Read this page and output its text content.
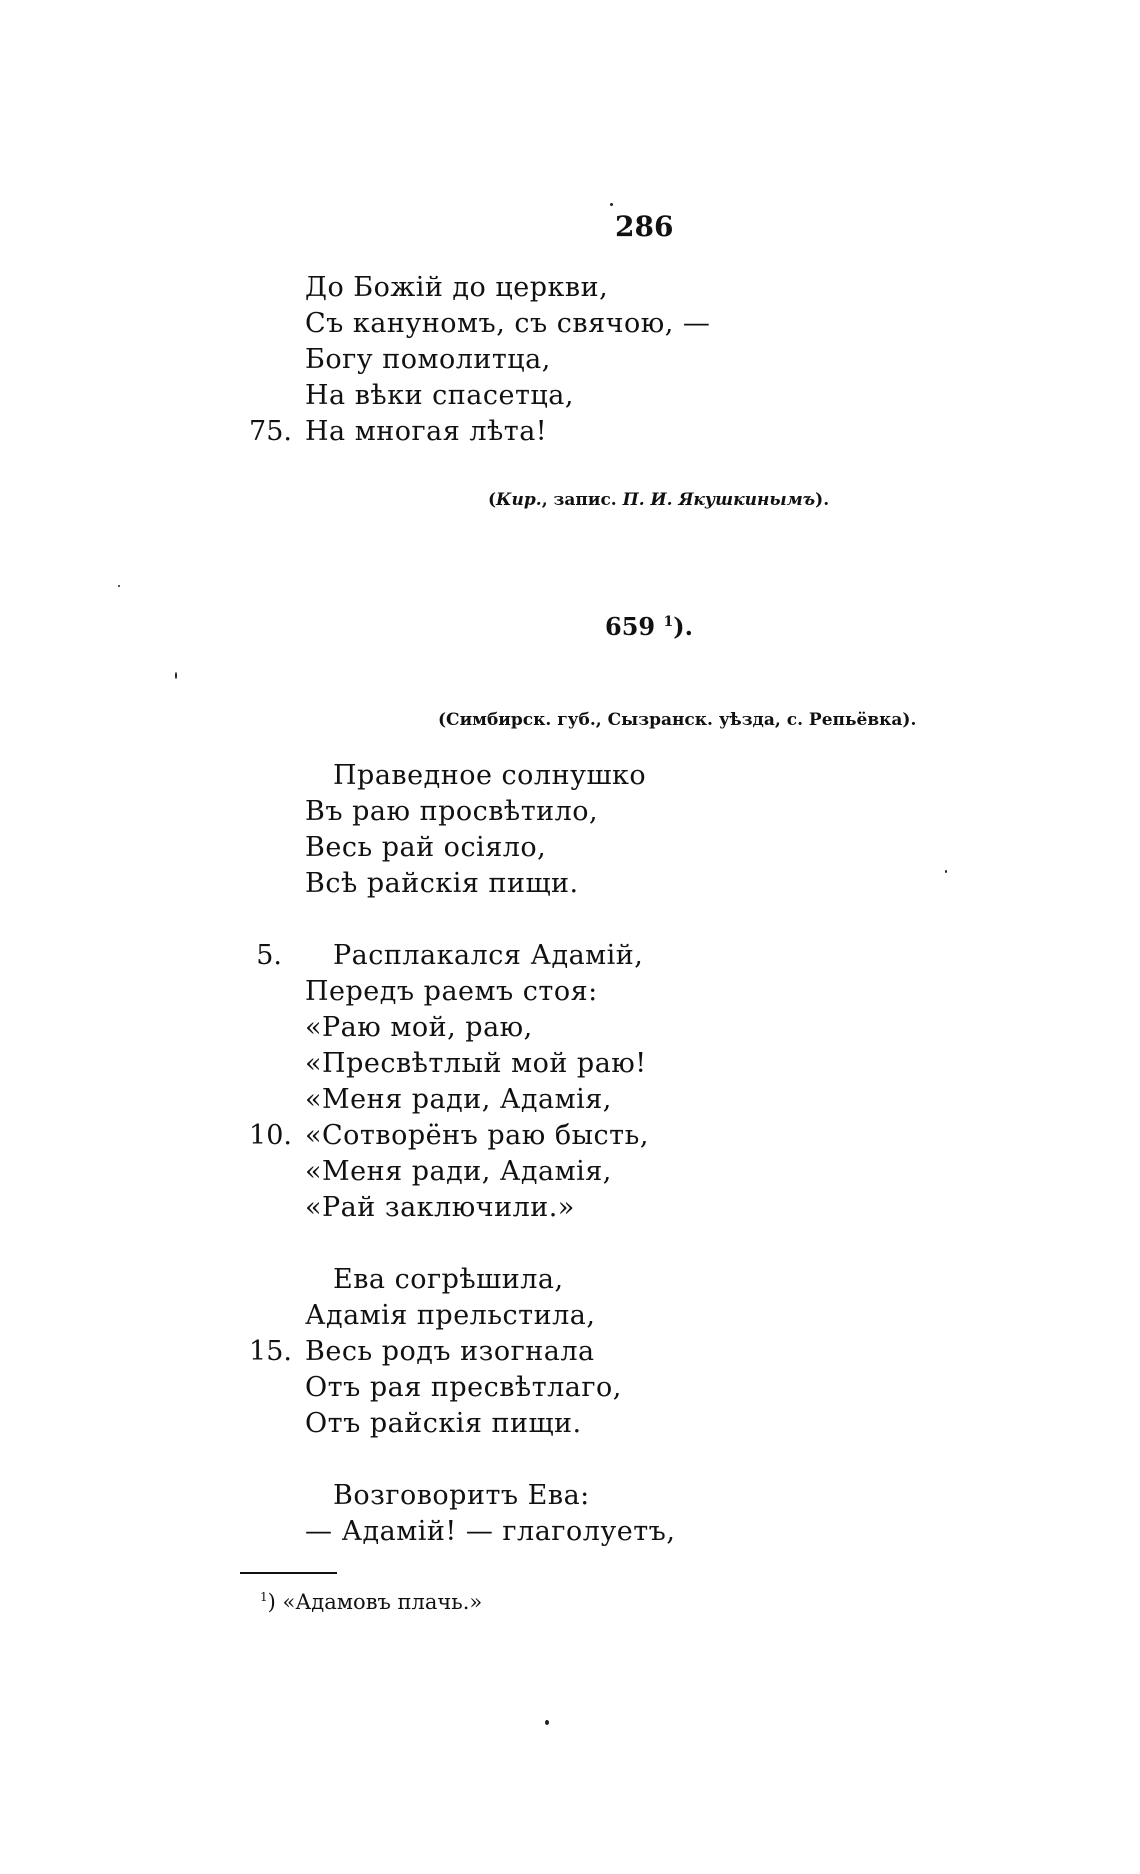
286
До Божій до церкви,
Съ кануномъ, съ свячою, —
Богу помолитца,
На вѣки спасетца,
75. На многая лѣта!
(Кир., запис. П. И. Якушкинымъ).
659 $^1$).
(Симбирск. губ., Сызранск. уѣзда, с. Репьёвка).
Праведное солнушко
Въ раю просвѣтило,
Весь рай осіяло,
Всѣ райскія пищи.
5. Расплакался Адамій,
Передъ раемъ стоя:
«Раю мой, раю,
«Пресвѣтлый мой раю!
«Меня ради, Адамія,
10. «Сотворёнъ раю бысть,
«Меня ради, Адамія,
«Рай заключили.»
Ева согрѣшила,
Адамія прельстила,
15. Весь родъ изогнала
Отъ рая пресвѣтлаго,
Отъ райскія пищи.
Возговоритъ Ева:
— Адамій! — глаголуетъ,
$^1$) «Адамовъ плачь.»
